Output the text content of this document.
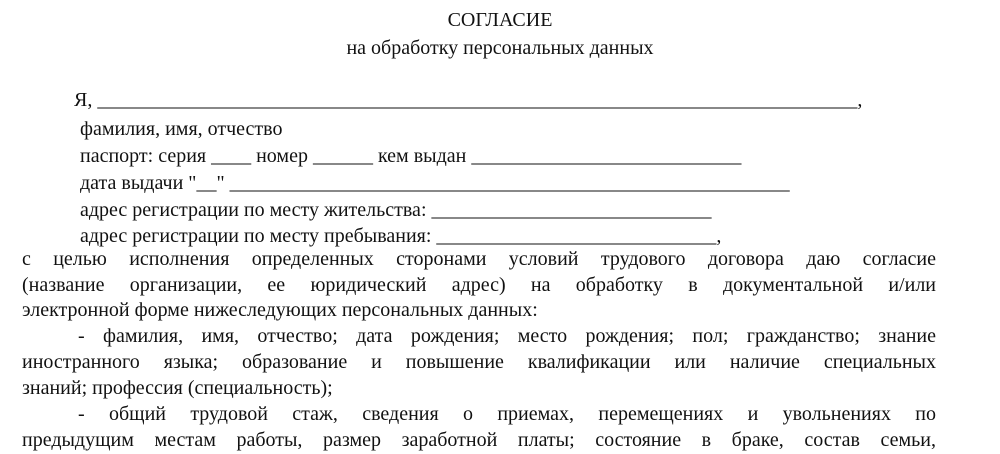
СОГЛАСИЕ
на обработку персональных данных
Я, ____________________________________________________________________________,
фамилия, имя, отчество
паспорт: серия ____ номер ______ кем выдан ___________________________
дата выдачи "__" ________________________________________________________
адрес регистрации по месту жительства: ____________________________
адрес регистрации по месту пребывания: ____________________________,
с целью исполнения определенных сторонами условий трудового договора даю согласие
(название организации, ее юридический адрес) на обработку в документальной и/или
электронной форме нижеследующих персональных данных:
- фамилия, имя, отчество; дата рождения; место рождения; пол; гражданство; знание
иностранного языка; образование и повышение квалификации или наличие специальных
знаний; профессия (специальность);
- общий трудовой стаж, сведения о приемах, перемещениях и увольнениях по
предыдущим местам работы, размер заработной платы; состояние в браке, состав семьи,
